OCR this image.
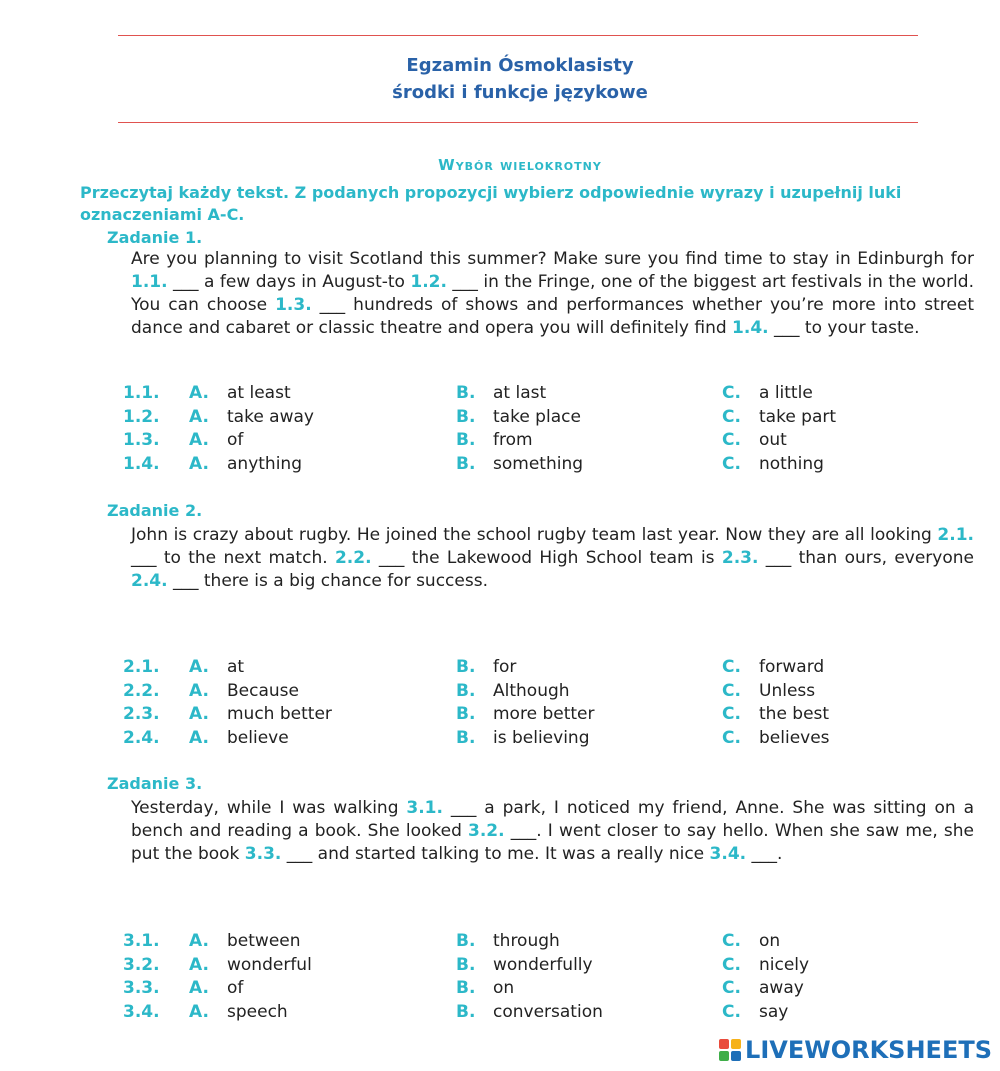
Egzamin Ósmoklasisty
środki i funkcje językowe
Wybór wielokrotny
Przeczytaj każdy tekst. Z podanych propozycji wybierz odpowiednie wyrazy i uzupełnij luki oznaczeniami A-C.
Zadanie 1.
Are you planning to visit Scotland this summer? Make sure you find time to stay in Edinburgh for 1.1. ___ a few days in August-to 1.2. ___ in the Fringe, one of the biggest art festivals in the world. You can choose 1.3. ___ hundreds of shows and performances whether you’re more into street dance and cabaret or classic theatre and opera you will definitely find 1.4. ___ to your taste.
1.1. A. at least	B. at last	C. a little
1.2. A. take away	B. take place	C. take part
1.3. A. of	B. from	C. out
1.4. A. anything	B. something	C. nothing
Zadanie 2.
John is crazy about rugby. He joined the school rugby team last year. Now they are all looking 2.1. ___ to the next match. 2.2. ___ the Lakewood High School team is 2.3. ___ than ours, everyone 2.4. ___ there is a big chance for success.
2.1. A. at	B. for	C. forward
2.2. A. Because	B. Although	C. Unless
2.3. A. much better	B. more better	C. the best
2.4. A. believe	B. is believing	C. believes
Zadanie 3.
Yesterday, while I was walking 3.1. ___ a park, I noticed my friend, Anne. She was sitting on a bench and reading a book. She looked 3.2. ___. I went closer to say hello. When she saw me, she put the book 3.3. ___ and started talking to me. It was a really nice 3.4. ___.
3.1. A. between	B. through	C. on
3.2. A. wonderful	B. wonderfully	C. nicely
3.3. A. of	B. on	C. away
3.4. A. speech	B. conversation	C. say
LIVEWORKSHEETS
